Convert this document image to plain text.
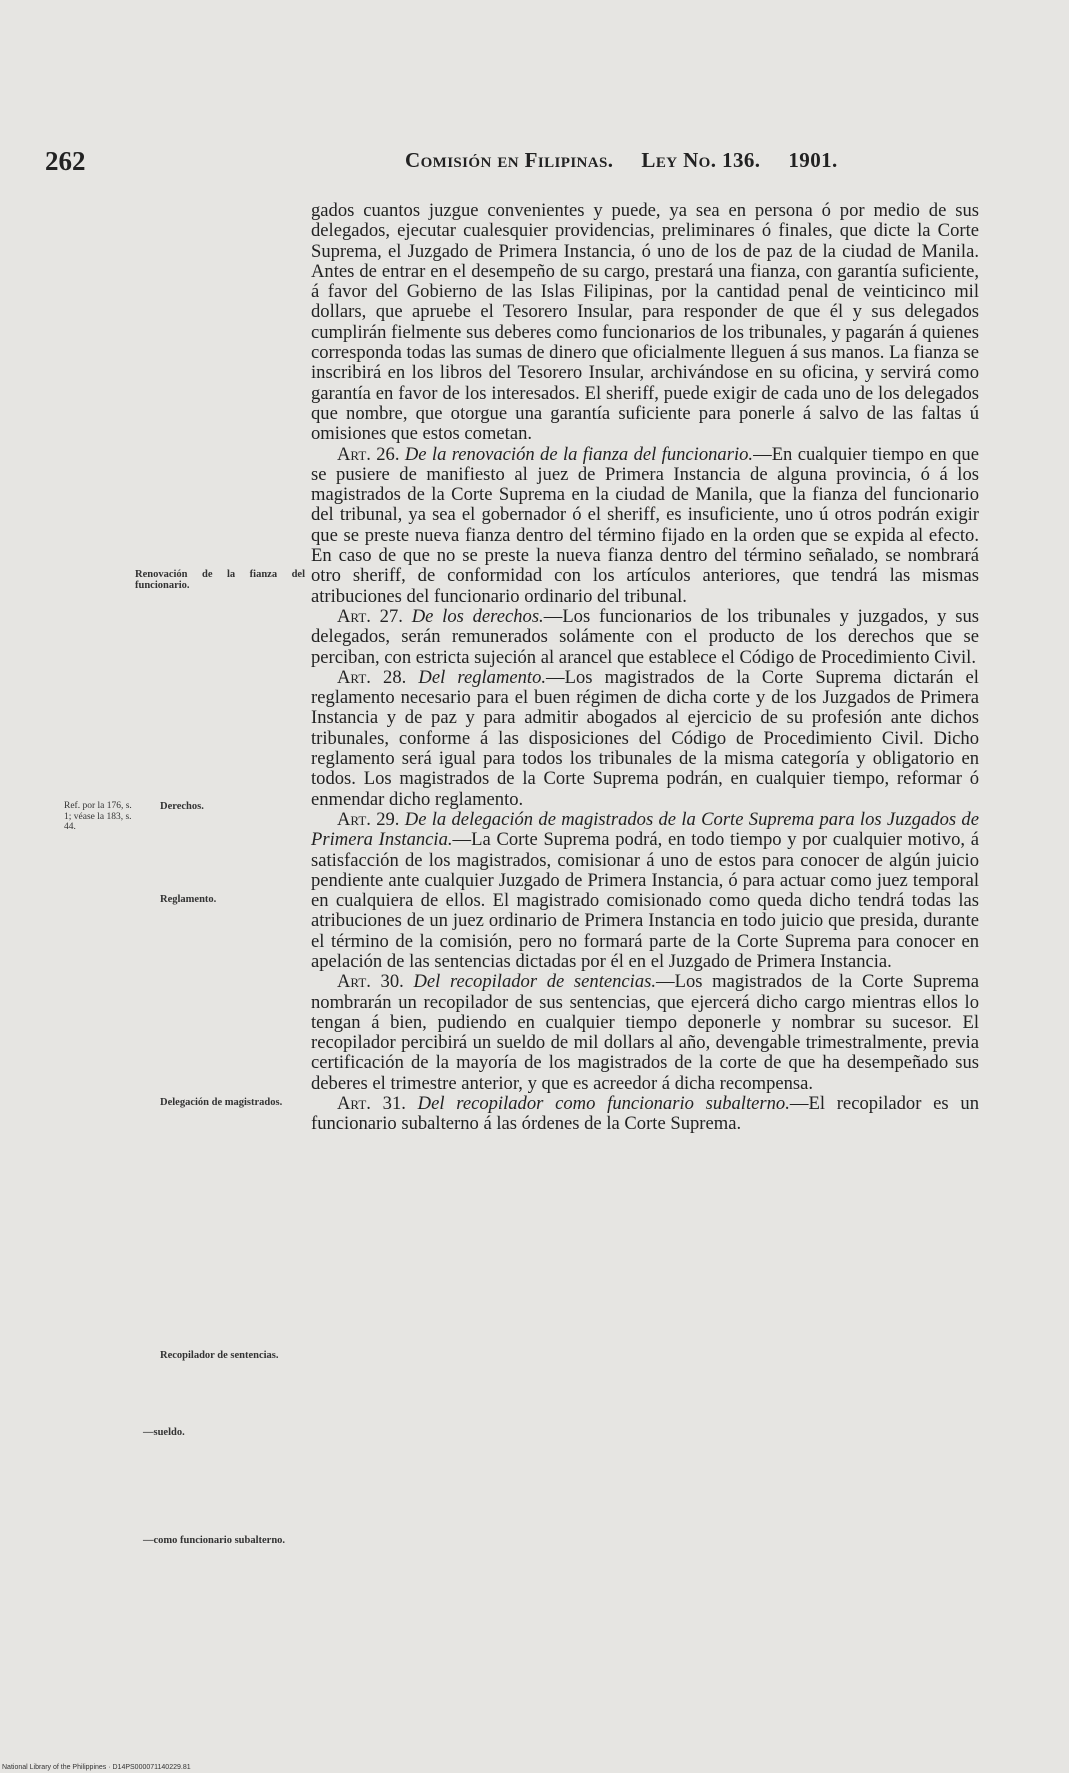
262	Comisión en Filipinas. Ley No. 136. 1901.
Renovación de la fianza del funcionario.
Ref. por la 176, s. 1; véase la 183, s. 44.
Derechos.
Reglamento.
Delegación de magistrados.
Recopilador de sentencias.
—sueldo.
—como funcionario subalterno.

gados cuantos juzgue convenientes y puede, ya sea en persona ó por medio de sus delegados, ejecutar cualesquier providencias, preliminares ó finales, que dicte la Corte Suprema, el Juzgado de Primera Instancia, ó uno de los de paz de la ciudad de Manila. Antes de entrar en el desempeño de su cargo, prestará una fianza, con garantía suficiente, á favor del Gobierno de las Islas Filipinas, por la cantidad penal de veinticinco mil dollars, que apruebe el Tesorero Insular, para responder de que él y sus delegados cumplirán fielmente sus deberes como funcionarios de los tribunales, y pagarán á quienes corresponda todas las sumas de dinero que oficialmente lleguen á sus manos. La fianza se inscribirá en los libros del Tesorero Insular, archivándose en su oficina, y servirá como garantía en favor de los interesados. El sheriff, puede exigir de cada uno de los delegados que nombre, que otorgue una garantía suficiente para ponerle á salvo de las faltas ú omisiones que estos cometan.

Art. 26. De la renovación de la fianza del funcionario.—En cualquier tiempo en que se pusiere de manifiesto al juez de Primera Instancia de alguna provincia, ó á los magistrados de la Corte Suprema en la ciudad de Manila, que la fianza del funcionario del tribunal, ya sea el gobernador ó el sheriff, es insuficiente, uno ú otros podrán exigir que se preste nueva fianza dentro del término fijado en la orden que se expida al efecto. En caso de que no se preste la nueva fianza dentro del término señalado, se nombrará otro sheriff, de conformidad con los artículos anteriores, que tendrá las mismas atribuciones del funcionario ordinario del tribunal.

Art. 27. De los derechos.—Los funcionarios de los tribunales y juzgados, y sus delegados, serán remunerados solámente con el producto de los derechos que se perciban, con estricta sujeción al arancel que establece el Código de Procedimiento Civil.

Art. 28. Del reglamento.—Los magistrados de la Corte Suprema dictarán el reglamento necesario para el buen régimen de dicha corte y de los Juzgados de Primera Instancia y de paz y para admitir abogados al ejercicio de su profesión ante dichos tribunales, conforme á las disposiciones del Código de Procedimiento Civil. Dicho reglamento será igual para todos los tribunales de la misma categoría y obligatorio en todos. Los magistrados de la Corte Suprema podrán, en cualquier tiempo, reformar ó enmendar dicho reglamento.

Art. 29. De la delegación de magistrados de la Corte Suprema para los Juzgados de Primera Instancia.—La Corte Suprema podrá, en todo tiempo y por cualquier motivo, á satisfacción de los magistrados, comisionar á uno de estos para conocer de algún juicio pendiente ante cualquier Juzgado de Primera Instancia, ó para actuar como juez temporal en cualquiera de ellos. El magistrado comisionado como queda dicho tendrá todas las atribuciones de un juez ordinario de Primera Instancia en todo juicio que presida, durante el término de la comisión, pero no formará parte de la Corte Suprema para conocer en apelación de las sentencias dictadas por él en el Juzgado de Primera Instancia.

Art. 30. Del recopilador de sentencias.—Los magistrados de la Corte Suprema nombrarán un recopilador de sus sentencias, que ejercerá dicho cargo mientras ellos lo tengan á bien, pudiendo en cualquier tiempo deponerle y nombrar su sucesor. El recopilador percibirá un sueldo de mil dollars al año, devengable trimestralmente, previa certificación de la mayoría de los magistrados de la corte de que ha desempeñado sus deberes el trimestre anterior, y que es acreedor á dicha recompensa.

Art. 31. Del recopilador como funcionario subalterno.—El recopilador es un funcionario subalterno á las órdenes de la Corte Suprema.

National Library of the Philippines · D14PS000071140229.81
